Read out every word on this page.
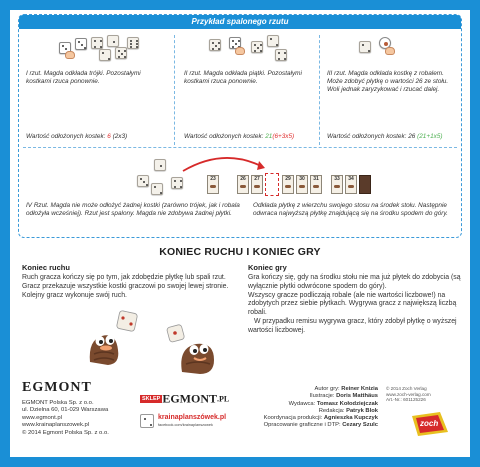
Przykład spalonego rzutu
I rzut. Magda odkłada trójki. Pozostałymi kostkami rzuca ponownie.
Wartość odłożonych kostek: 6 (2x3)
II rzut. Magda odkłada piątki. Pozostałymi kostkami rzuca ponownie.
Wartość odłożonych kostek: 21(6+3x5)
III rzut. Magda odkłada kostkę z robalem. Może zdobyć płytkę o wartości 26 ze stołu. Woli jednak zaryzykować i rzucać dalej.
Wartość odłożonych kostek: 26 (21+1x5)
23	26	27	29	30	31	33	34
IV Rzut. Magda nie może odłożyć żadnej kostki (zarówno trójek, jak i robala odłożyła wcześniej). Rzut jest spalony. Magda nie zdobywa żadnej płytki.
Odkłada płytkę z wierzchu swojego stosu na środek stołu. Następnie odwraca najwyższą płytkę znajdującą się na środku spodem do góry.
KONIEC RUCHU I KONIEC GRY
Koniec ruchu
Ruch gracza kończy się po tym, jak zdobędzie płytkę lub spali rzut. Gracz przekazuje wszystkie kostki graczowi po swojej lewej stronie. Kolejny gracz wykonuje swój ruch.
Koniec gry
Gra kończy się, gdy na środku stołu nie ma już płytek do zdobycia (są wyłącznie płytki odwrócone spodem do góry).
Wszyscy gracze podliczają robale (ale nie wartości liczbowe!) na zdobytych przez siebie płytkach. Wygrywa gracz z największą liczbą robali.
W przypadku remisu wygrywa gracz, który zdobył płytkę o wyższej wartości liczbowej.
EGMONT
EGMONT Polska Sp. z o.o.
ul. Dzielna 60, 01-029 Warszawa
www.egmont.pl
www.krainaplanszowek.pl
© 2014 Egmont Polska Sp. z o.o.
SKLEP EGMONT.PL
krainaplanszówek.pl
facebook.com/krainaplanszowek
Autor gry: Reiner Knizia
Ilustracje: Doris Matthäus
Wydawca: Tomasz Kołodziejczak
Redakcja: Patryk Blok
Koordynacja produkcji: Agnieszka Kupczyk
Opracowanie graficzne i DTP: Cezary Szulc
© 2014 Zoch Verlag
www.zoch-verlag.com
Art.-Nr.: 601125226
zoch
